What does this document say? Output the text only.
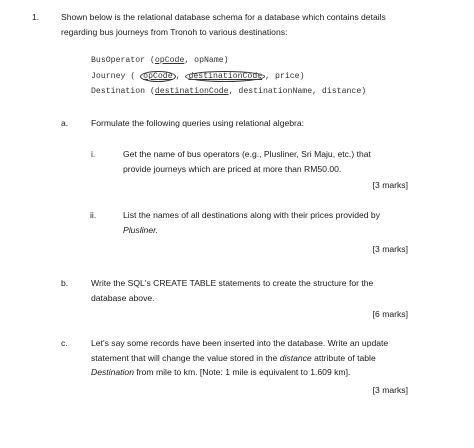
1.	Shown below is the relational database schema for a database which contains details
regarding bus journeys from Tronoh to various destinations:
BusOperator (opCode, opName)
Journey ( opCode , destinationCode , price)
Destination (destinationCode, destinationName, distance)
a.	Formulate the following queries using relational algebra:
i.	Get the name of bus operators (e.g., Plusliner, Sri Maju, etc.) that
provide journeys which are priced at more than RM50.00.
[3 marks]
ii.	List the names of all destinations along with their prices provided by
Plusliner.
[3 marks]
b.	Write the SQL's CREATE TABLE statements to create the structure for the
database above.
[6 marks]
c.	Let's say some records have been inserted into the database. Write an update
statement that will change the value stored in the distance attribute of table
Destination from mile to km. [Note: 1 mile is equivalent to 1.609 km].
[3 marks]
